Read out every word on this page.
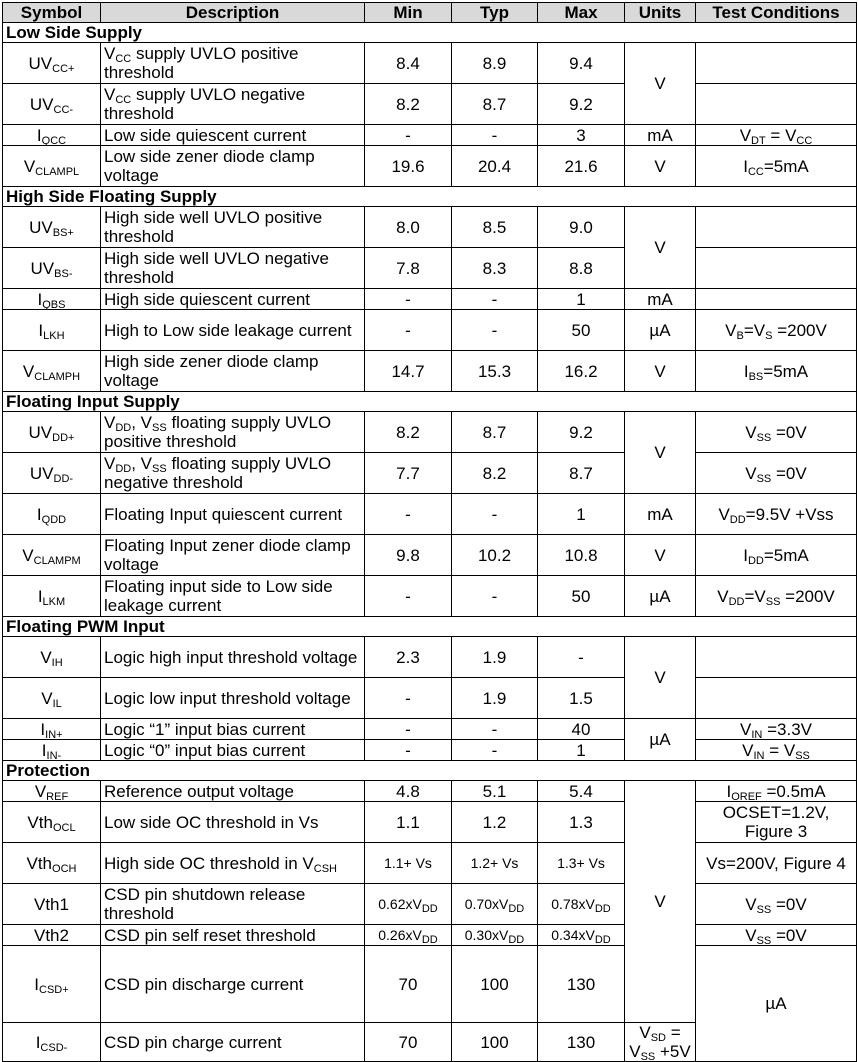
Symbol	Description	Min	Typ	Max	Units	Test Conditions	
Low Side Supply							
$UV_{CC+}$	$V_{CC}$ supply UVLO positive threshold	8.4	8.9	9.4	V		
$UV_{CC-}$	$V_{CC}$ supply UVLO negative threshold	8.2	8.7	9.2			
$I_{QCC}$	Low side quiescent current	-	-	3	mA	$V_{DT} = V_{CC}$
$V_{CLAMPL}$	Low side zener diode clamp voltage	19.6	20.4	21.6	V	$I_{CC}=5mA$	
High Side Floating Supply							
$UV_{BS+}$	High side well UVLO positive threshold	8.0	8.5	9.0	V		
$UV_{BS-}$	High side well UVLO negative threshold	7.8	8.3	8.8			
$I_{QBS}$	High side quiescent current	-	-	1	mA		
$I_{LKH}$	High to Low side leakage current	-	-	50	µA	$V_B=V_S =200V$	
$V_{CLAMPH}$	High side zener diode clamp voltage	14.7	15.3	16.2	V	$I_{BS}=5mA$	
Floating Input Supply							
$UV_{DD+}$	$V_{DD}$, $V_{SS}$ floating supply UVLO positive threshold	8.2	8.7	9.2	V	$V_{SS} =0V$	
$UV_{DD-}$	$V_{DD}$, $V_{SS}$ floating supply UVLO negative threshold	7.7	8.2	8.7		$V_{SS} =0V$	
$I_{QDD}$	Floating Input quiescent current	-	-	1	mA	$V_{DD}=9.5V +Vss$	
$V_{CLAMPM}$	Floating Input zener diode clamp voltage	9.8	10.2	10.8	V	$I_{DD}=5mA$	
$I_{LKM}$	Floating input side to Low side leakage current	-	-	50	µA	$V_{DD}=V_{SS} =200V$	
Floating PWM Input							
$V_{IH}$	Logic high input threshold voltage	2.3	1.9	-	V		
$V_{IL}$	Logic low input threshold voltage	-	1.9	1.5			
$I_{IN+}$	Logic “1” input bias current	-	-	40	µA	$V_{IN} =3.3V$	
$I_{IN-}$	Logic “0” input bias current	-	-	1		$V_{IN} = V_{SS}$
Protection							
$V_{REF}$	Reference output voltage	4.8	5.1	5.4	V	$I_{OREF} =0.5mA$	
Vth$_{OCL}$	Low side OC threshold in Vs	1.1	1.2	1.3		OCSET=1.2V, Figure 3	
Vth$_{OCH}$	High side OC threshold in $V_{CSH}$	1.1+ Vs	1.2+ Vs	1.3+ Vs		Vs=200V, Figure 4	
Vth1	CSD pin shutdown release threshold	$0.62xV_{DD}$	$0.70xV_{DD}$	$0.78xV_{DD}$		$V_{SS} =0V$	
Vth2	CSD pin self reset threshold	$0.26xV_{DD}$	$0.30xV_{DD}$	$0.34xV_{DD}$		$V_{SS} =0V$	
$I_{CSD+}$	CSD pin discharge current	70	100	130		µA	
$I_{CSD-}$	CSD pin charge current	70	100	130	$V_{SD} = V_{SS} +5V$		
